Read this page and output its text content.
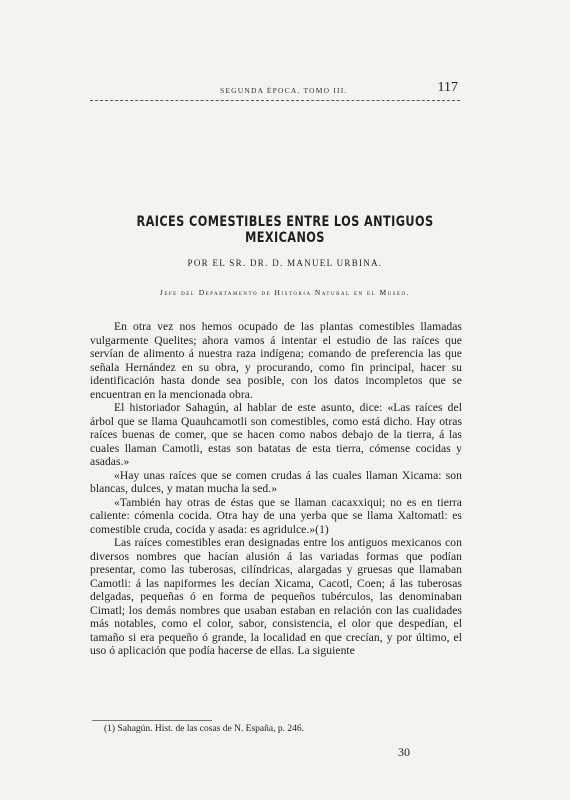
SEGUNDA ÉPOCA. TOMO III.	117
RAICES COMESTIBLES ENTRE LOS ANTIGUOS MEXICANOS
POR EL SR. DR. D. MANUEL URBINA.
Jefe del Departamento de Historia Natural en el Museo.

En otra vez nos hemos ocupado de las plantas comestibles llamadas vulgarmente Quelites; ahora vamos á intentar el estudio de las raíces que servían de alimento á nuestra raza indígena; comando de preferencia las que señala Hernández en su obra, y procurando, como fin principal, hacer su identificación hasta donde sea posible, con los datos incompletos que se encuentran en la mencionada obra.

El historiador Sahagún, al hablar de este asunto, dice: «Las raíces del árbol que se llama Quauhcamotli son comestibles, como está dicho. Hay otras raíces buenas de comer, que se hacen como nabos debajo de la tierra, á las cuales llaman Camotli, estas son batatas de esta tierra, cómense cocidas y asadas.»

«Hay unas raíces que se comen crudas á las cuales llaman Xicama: son blancas, dulces, y matan mucha la sed.»

«También hay otras de éstas que se llaman cacaxxiqui; no es en tierra caliente: cómenla cocida. Otra hay de una yerba que se llama Xaltomatl: es comestible cruda, cocida y asada: es agridulce.»(1)

Las raíces comestibles eran designadas entre los antiguos mexicanos con diversos nombres que hacían alusión á las variadas formas que podían presentar, como las tuberosas, cilíndricas, alargadas y gruesas que llamaban Camotli: á las napiformes les decían Xicama, Cacotl, Coen; á las tuberosas delgadas, pequeñas ó en forma de pequeños tubérculos, las denominaban Cimatl; los demás nombres que usaban estaban en relación con las cualidades más notables, como el color, sabor, consistencia, el olor que despedían, el tamaño si era pequeño ó grande, la localidad en que crecían, y por último, el uso ó aplicación que podía hacerse de ellas. La siguiente

(1) Sahagún. Hist. de las cosas de N. España, p. 246.
30
